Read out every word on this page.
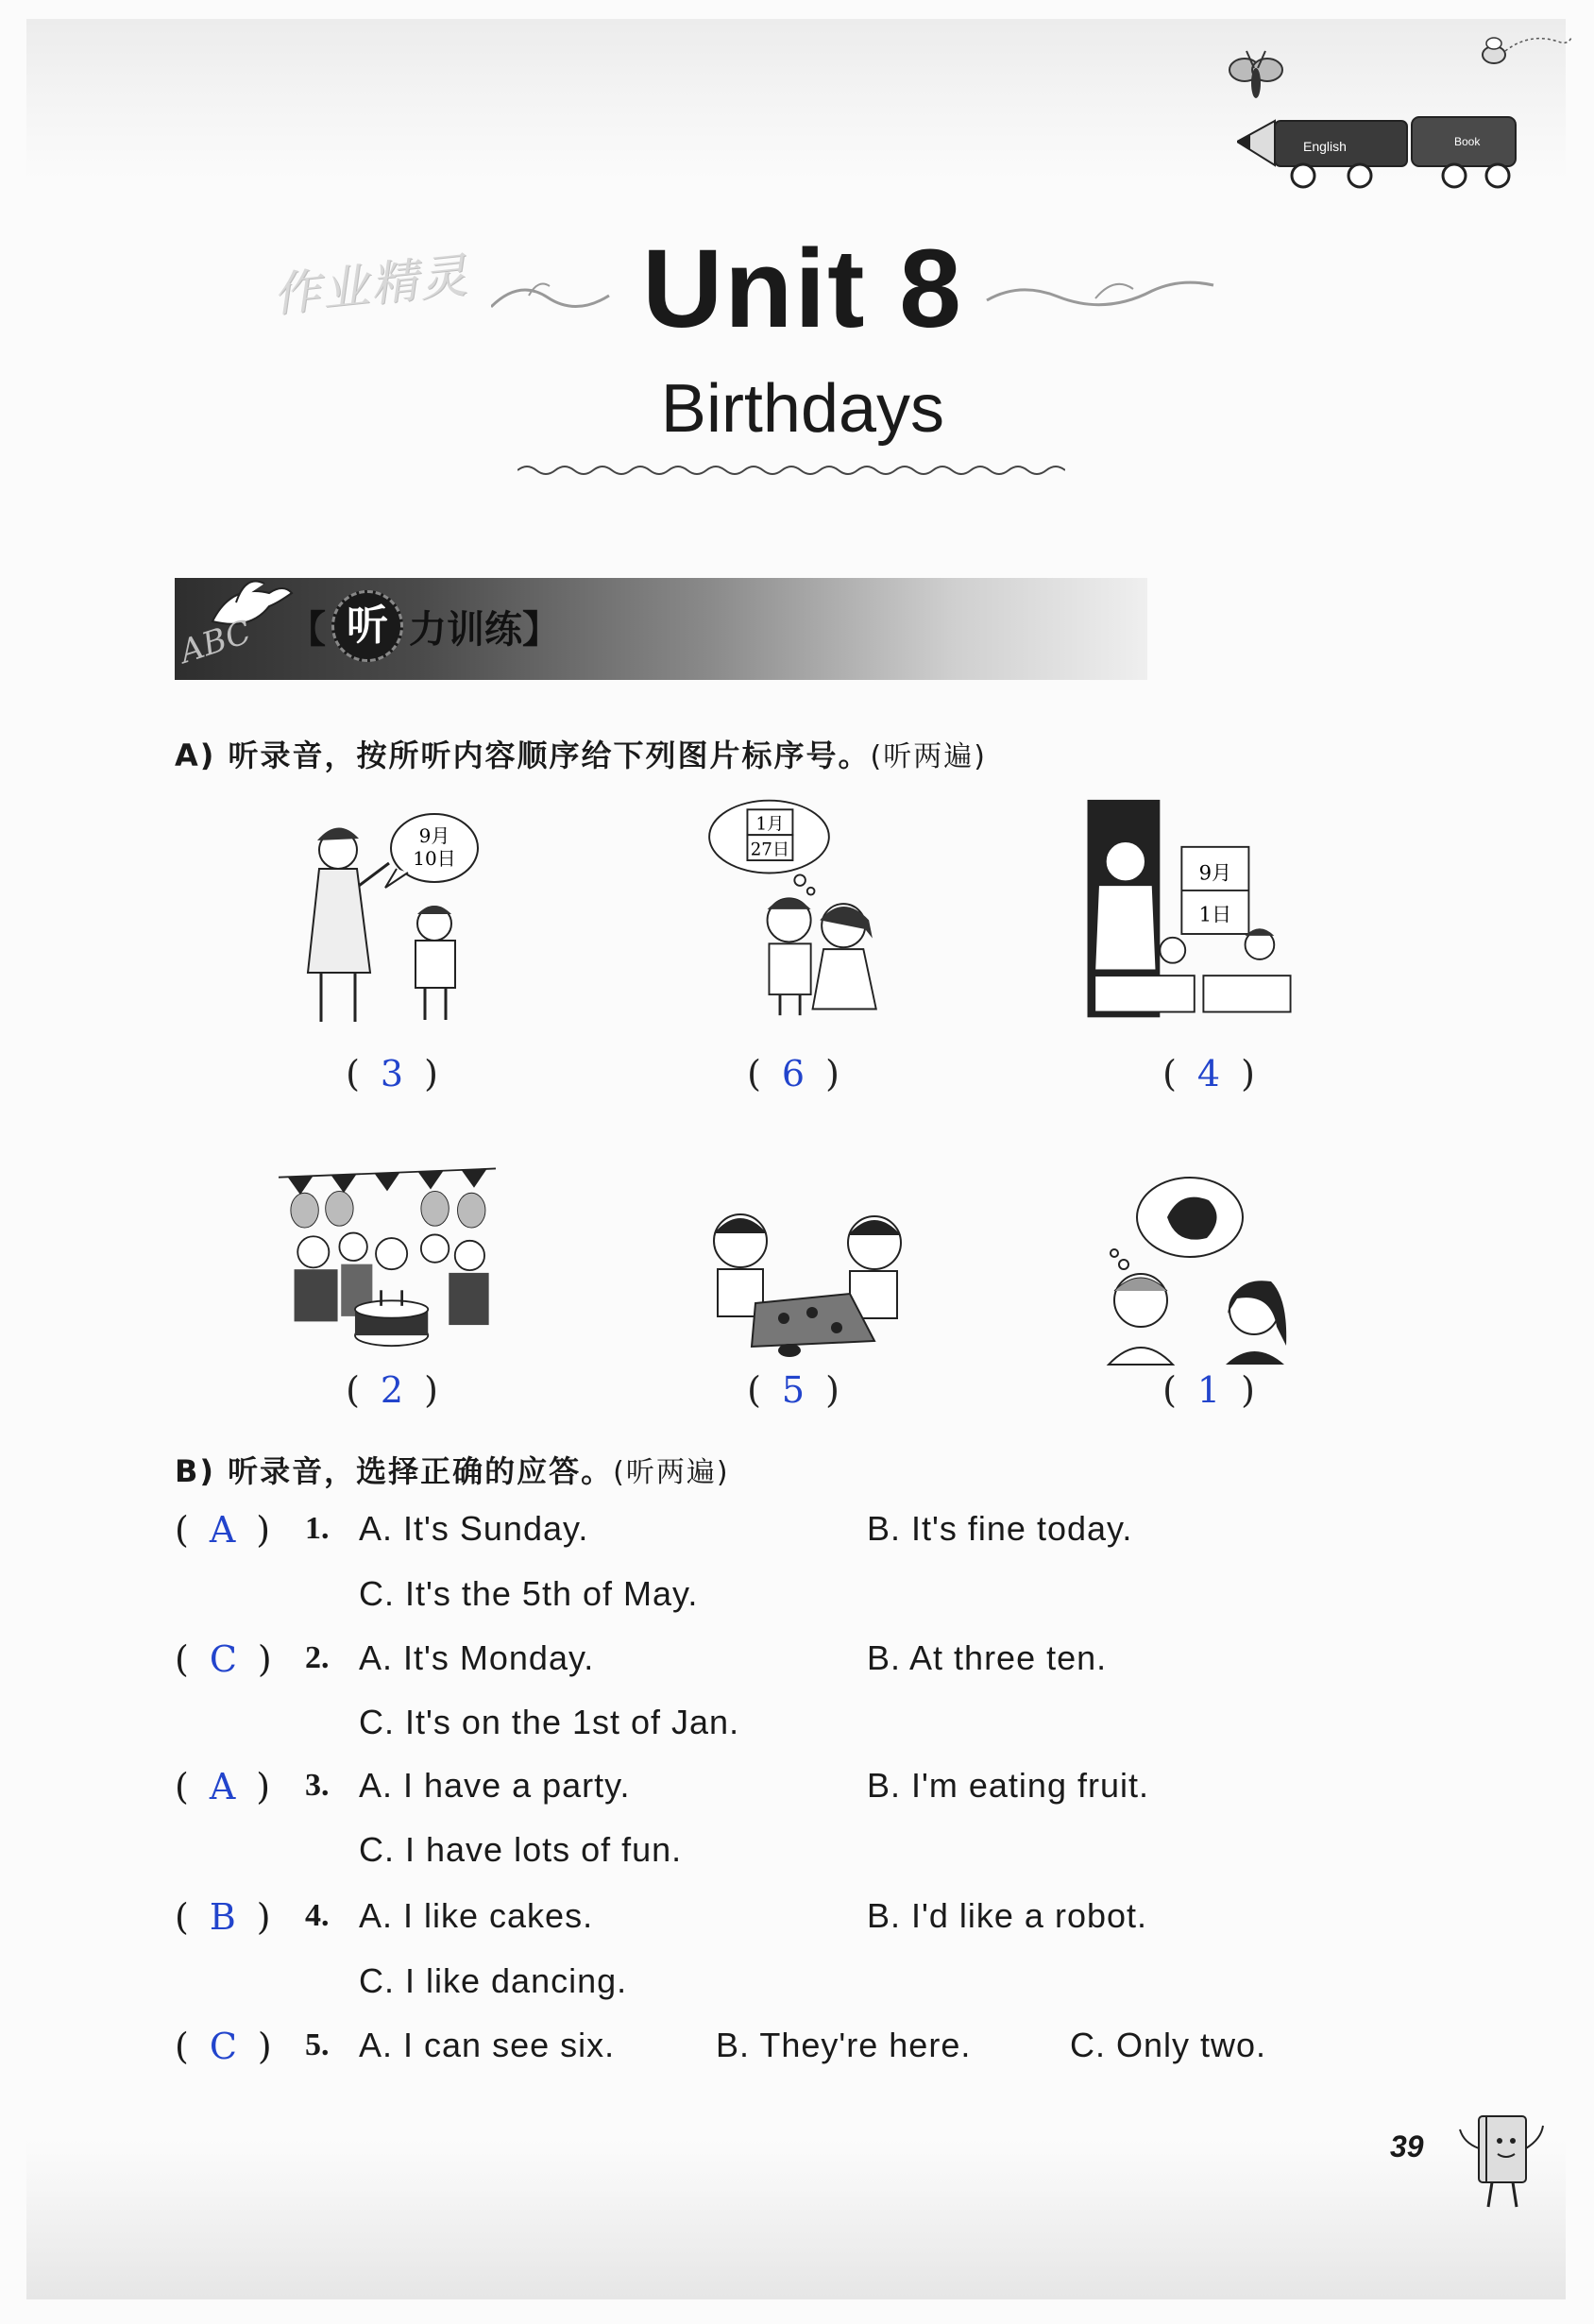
English	Book
作业精灵	Unit 8
Birthdays
ABC 【 听 力训练 】
A) 听录音，按所听内容顺序给下列图片标序号。(听两遍)
9月
10日
( 3 )
1月
27日
( 6 )
9月
1日
( 4 )
( 2 )	( 5 )	( 1 )
B) 听录音，选择正确的应答。(听两遍)
( A ) 1. A. It's Sunday.	B. It's fine today.
C. It's the 5th of May.
( C ) 2. A. It's Monday.	B. At three ten.
C. It's on the 1st of Jan.
( A ) 3. A. I have a party.	B. I'm eating fruit.
C. I have lots of fun.
( B ) 4. A. I like cakes.	B. I'd like a robot.
C. I like dancing.
( C ) 5. A. I can see six.	B. They're here.	C. Only two.
39
